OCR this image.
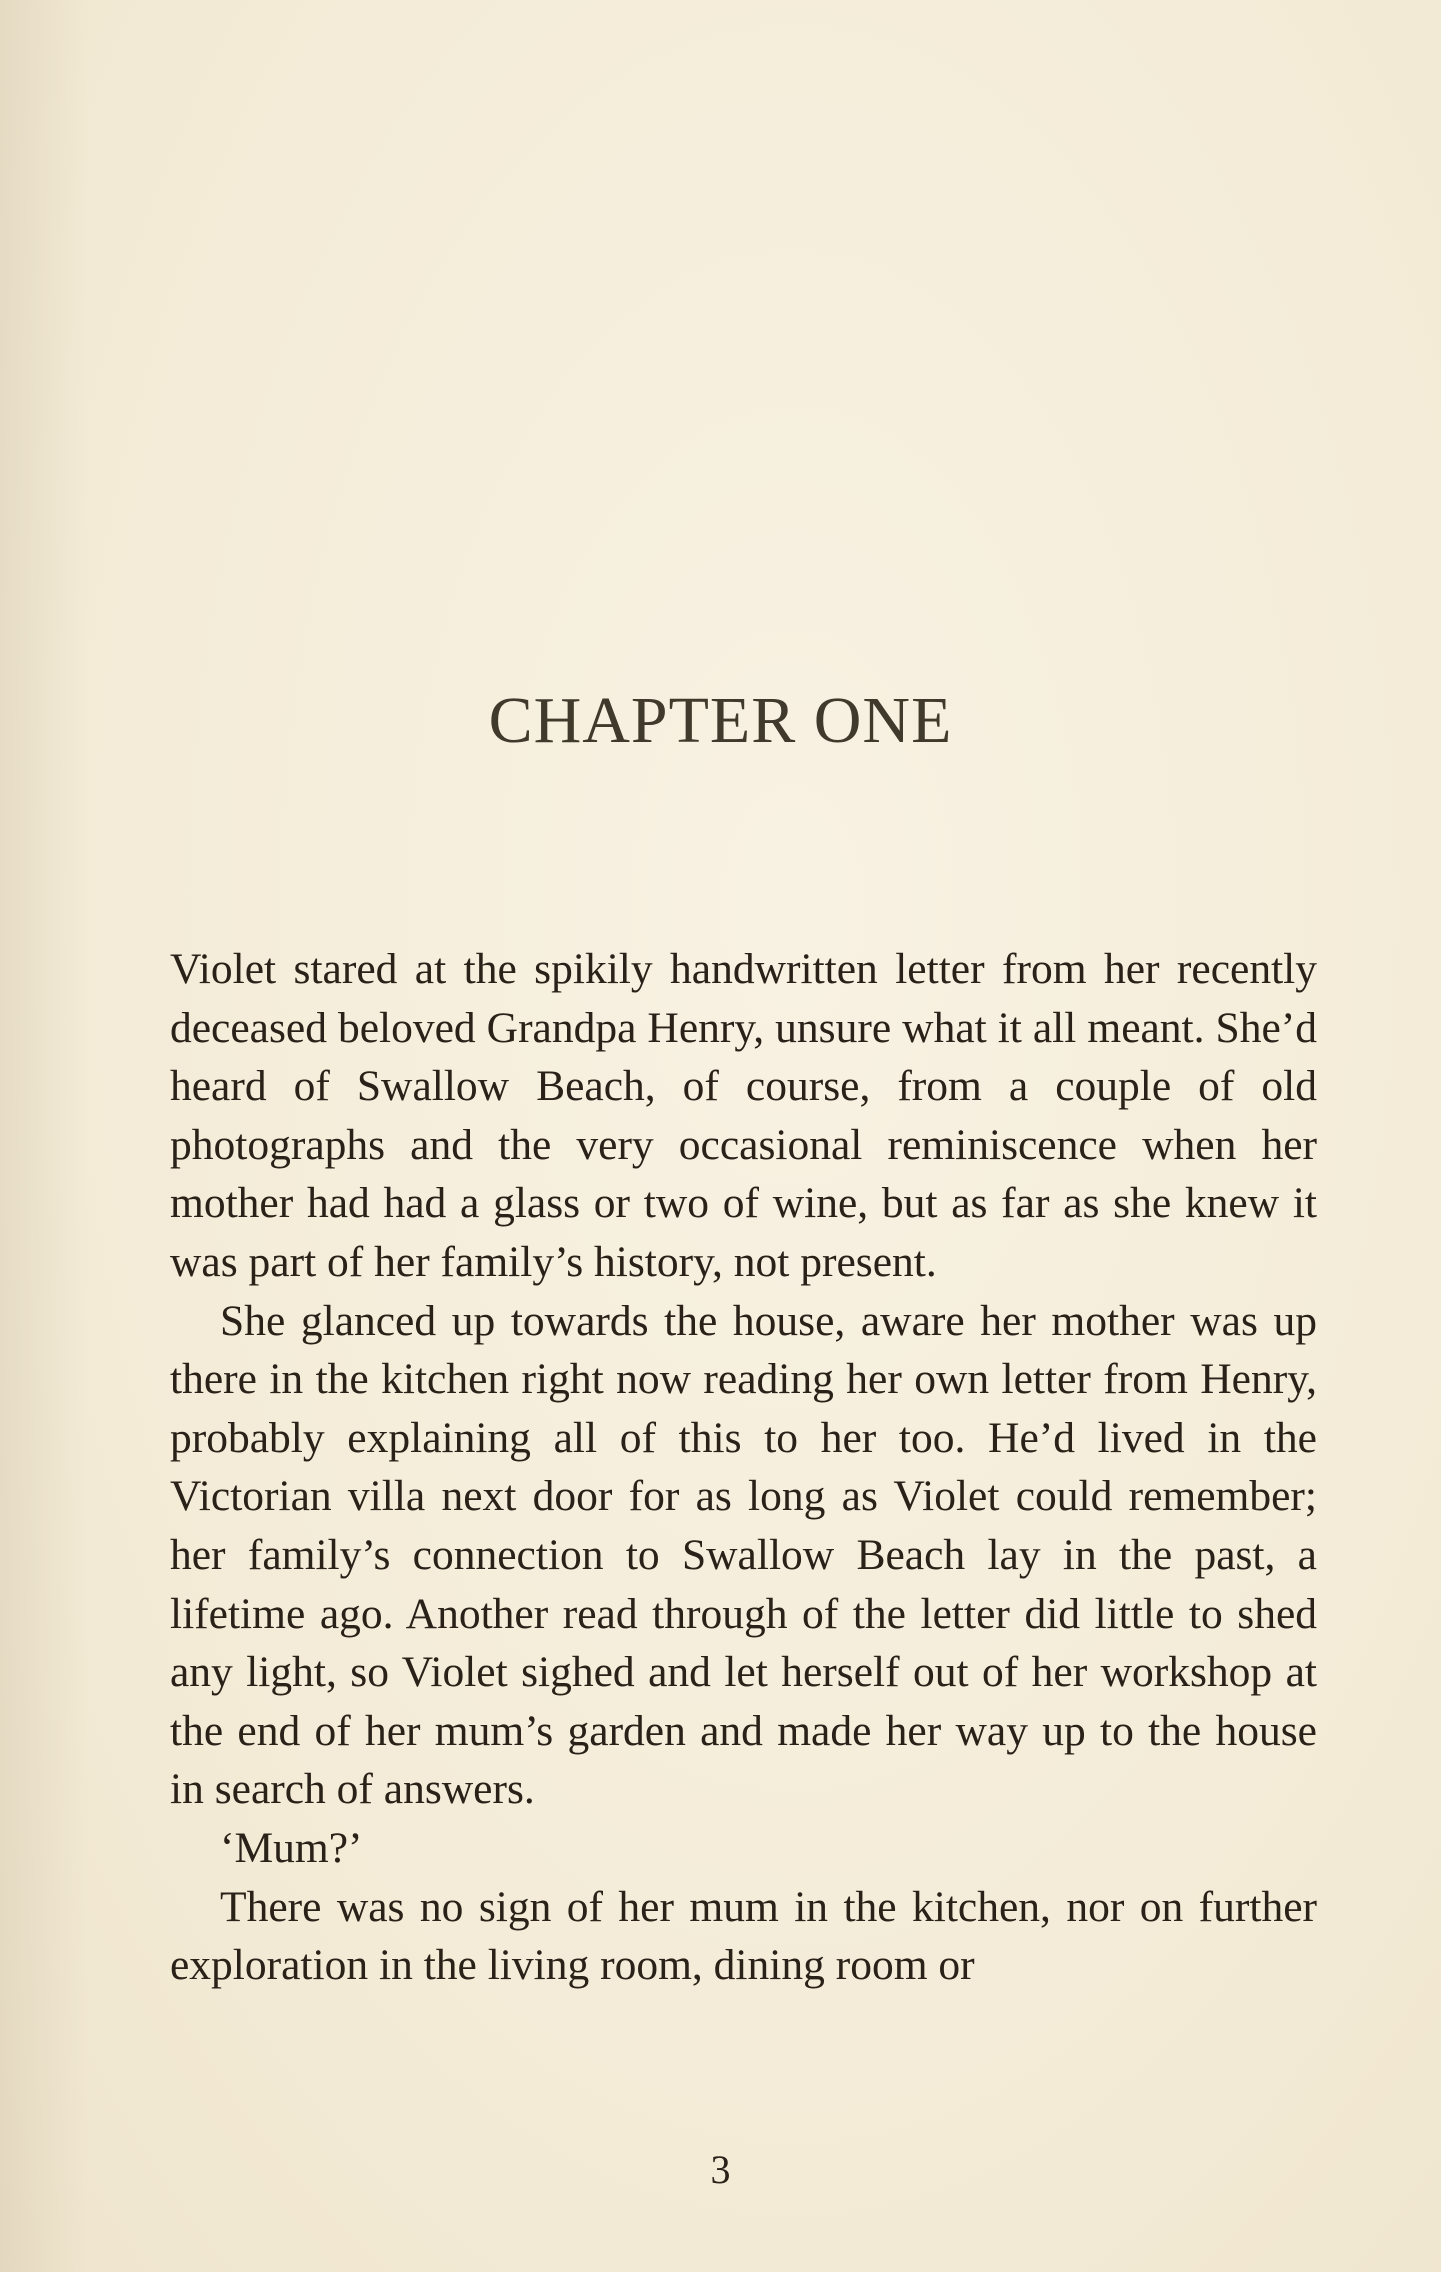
CHAPTER ONE

Violet stared at the spikily handwritten letter from her recently deceased beloved Grandpa Henry, unsure what it all meant. She’d heard of Swallow Beach, of course, from a couple of old photographs and the very occasional reminiscence when her mother had had a glass or two of wine, but as far as she knew it was part of her family’s history, not present.

She glanced up towards the house, aware her mother was up there in the kitchen right now reading her own letter from Henry, probably explaining all of this to her too. He’d lived in the Victorian villa next door for as long as Violet could remember; her family’s connection to Swallow Beach lay in the past, a lifetime ago. Another read through of the letter did little to shed any light, so Violet sighed and let herself out of her workshop at the end of her mum’s garden and made her way up to the house in search of answers.

‘Mum?’

There was no sign of her mum in the kitchen, nor on further exploration in the living room, dining room or

3
